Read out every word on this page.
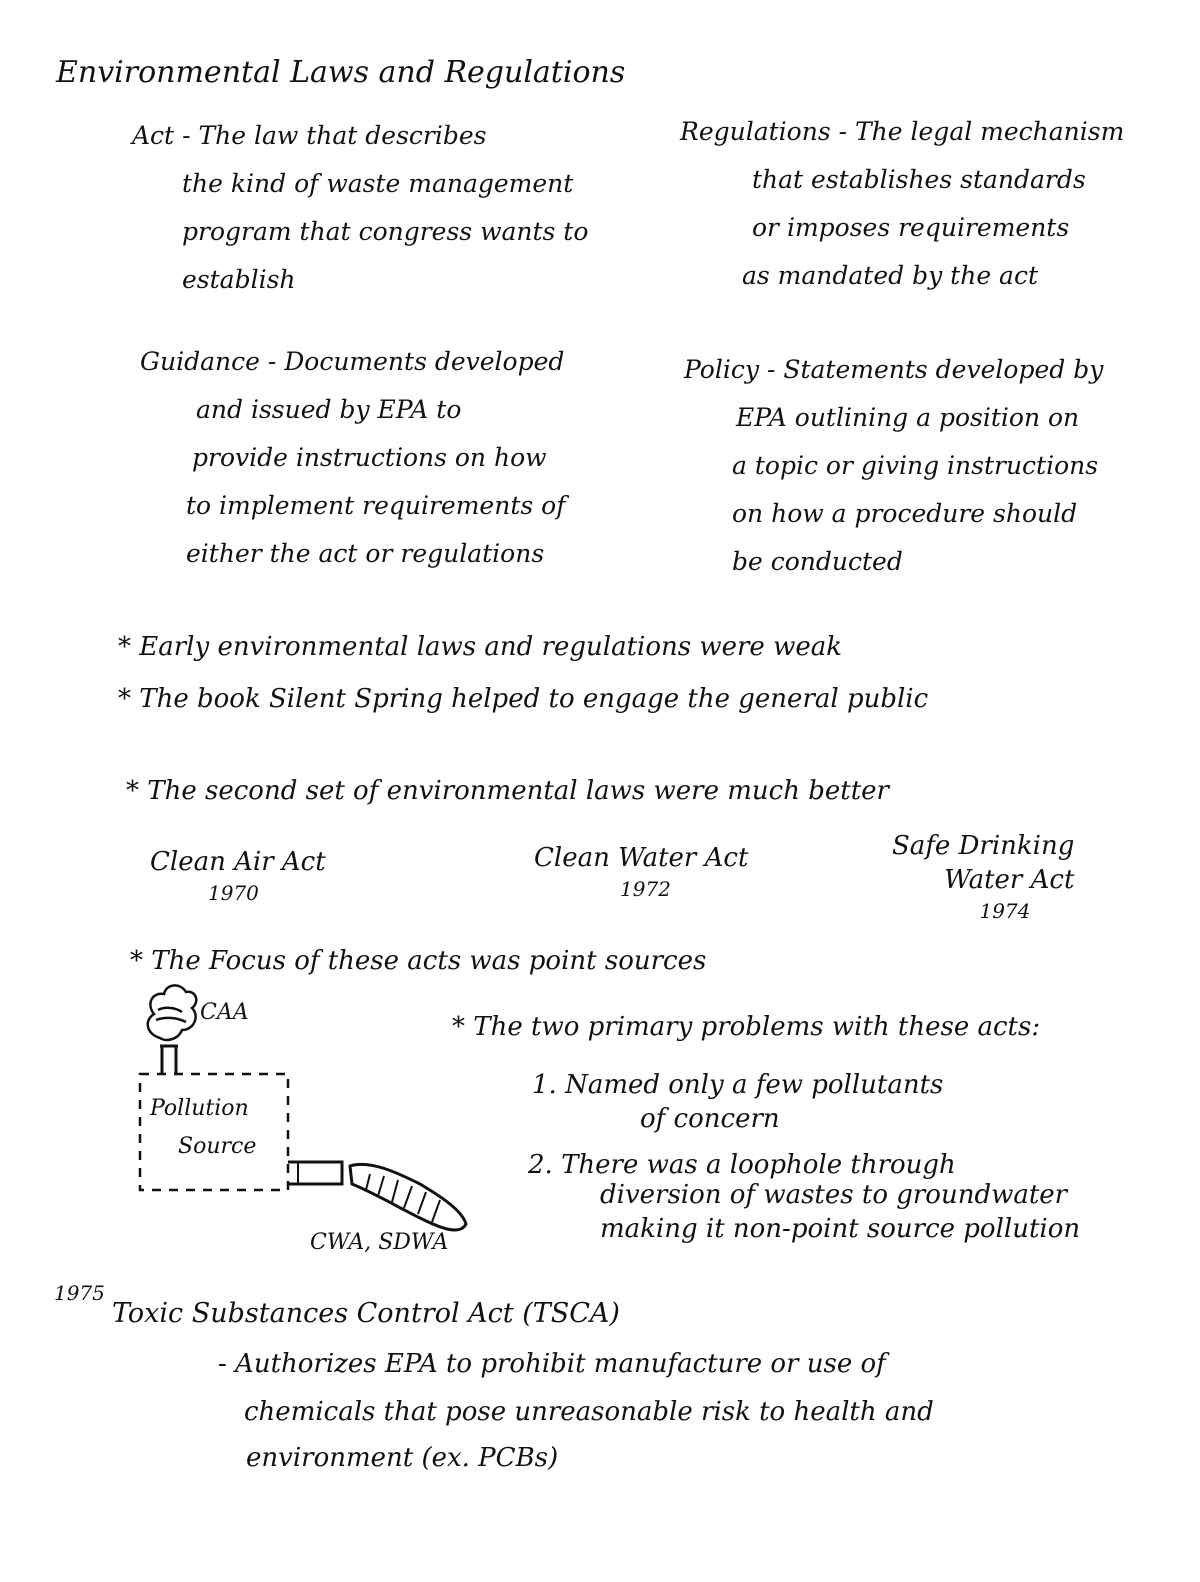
Environmental Laws and Regulations
Act - The law that describes
the kind of waste management
program that congress wants to
establish
Regulations - The legal mechanism
that establishes standards
or imposes requirements
as mandated by the act
Guidance - Documents developed
and issued by EPA to
provide instructions on how
to implement requirements of
either the act or regulations
Policy - Statements developed by
EPA outlining a position on
a topic or giving instructions
on how a procedure should
be conducted
* Early environmental laws and regulations were weak
* The book Silent Spring helped to engage the general public
* The second set of environmental laws were much better
Clean Air Act
1970
Clean Water Act
1972
Safe Drinking
Water Act
1974
* The Focus of these acts was point sources
CAA
Pollution
Source
CWA, SDWA
* The two primary problems with these acts:
1. Named only a few pollutants
of concern
2. There was a loophole through
diversion of wastes to groundwater
making it non-point source pollution
1975
Toxic Substances Control Act (TSCA)
- Authorizes EPA to prohibit manufacture or use of
chemicals that pose unreasonable risk to health and
environment (ex. PCBs)
